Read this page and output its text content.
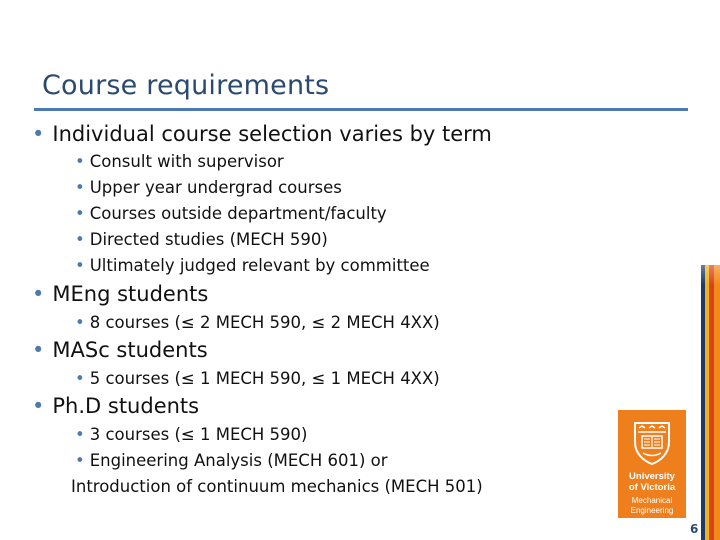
Course requirements
• Individual course selection varies by term
• Consult with supervisor
• Upper year undergrad courses
• Courses outside department/faculty
• Directed studies (MECH 590)
• Ultimately judged relevant by committee
• MEng students
• 8 courses (≤ 2 MECH 590, ≤ 2 MECH 4XX)
• MASc students
• 5 courses (≤ 1 MECH 590, ≤ 1 MECH 4XX)
• Ph.D students
• 3 courses (≤ 1 MECH 590)
• Engineering Analysis (MECH 601) or
Introduction of continuum mechanics (MECH 501)
University
of Victoria
Mechanical
Engineering
6
